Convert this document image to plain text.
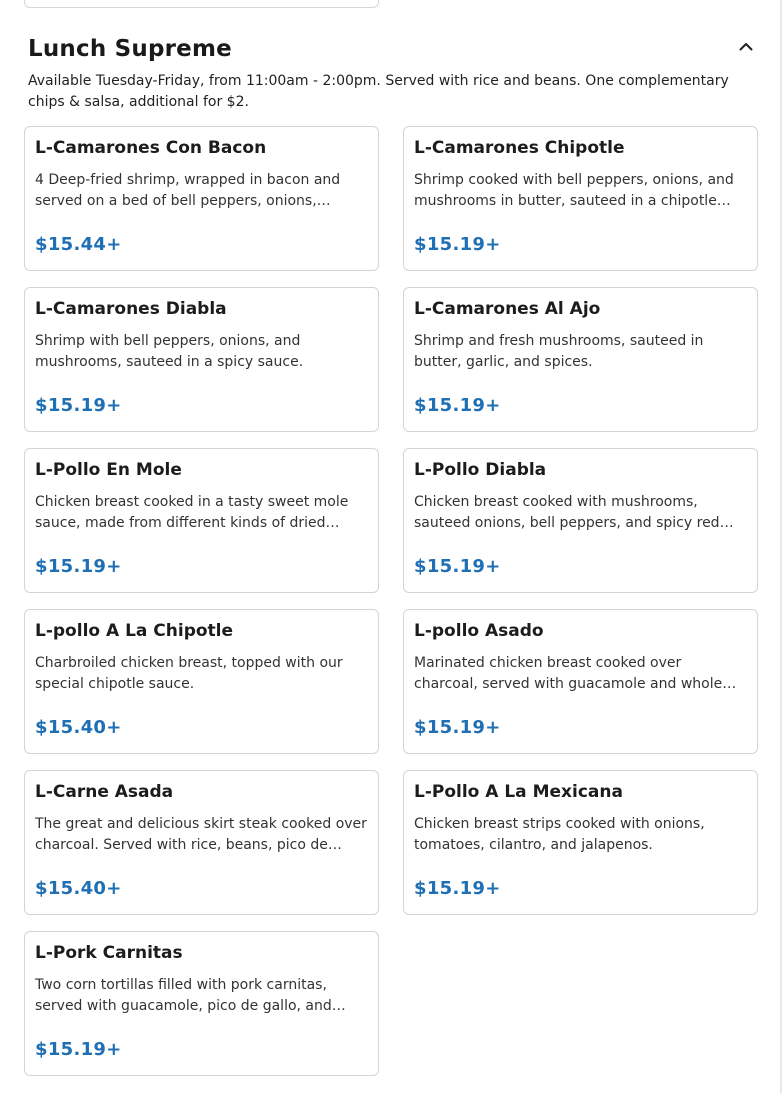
Lunch Supreme

Available Tuesday-Friday, from 11:00am - 2:00pm. Served with rice and beans. One complementary chips & salsa, additional for $2.

L-Camarones Con Bacon
4 Deep-fried shrimp, wrapped in bacon and served on a bed of bell peppers, onions,…
$15.44+
L-Camarones Chipotle
Shrimp cooked with bell peppers, onions, and mushrooms in butter, sauteed in a chipotle…
$15.19+
L-Camarones Diabla
Shrimp with bell peppers, onions, and mushrooms, sauteed in a spicy sauce.
$15.19+
L-Camarones Al Ajo
Shrimp and fresh mushrooms, sauteed in butter, garlic, and spices.
$15.19+
L-Pollo En Mole
Chicken breast cooked in a tasty sweet mole sauce, made from different kinds of dried…
$15.19+
L-Pollo Diabla
Chicken breast cooked with mushrooms, sauteed onions, bell peppers, and spicy red…
$15.19+
L-pollo A La Chipotle
Charbroiled chicken breast, topped with our special chipotle sauce.
$15.40+
L-pollo Asado
Marinated chicken breast cooked over charcoal, served with guacamole and whole…
$15.19+
L-Carne Asada
The great and delicious skirt steak cooked over charcoal. Served with rice, beans, pico de…
$15.40+
L-Pollo A La Mexicana
Chicken breast strips cooked with onions, tomatoes, cilantro, and jalapenos.
$15.19+
L-Pork Carnitas
Two corn tortillas filled with pork carnitas, served with guacamole, pico de gallo, and…
$15.19+
